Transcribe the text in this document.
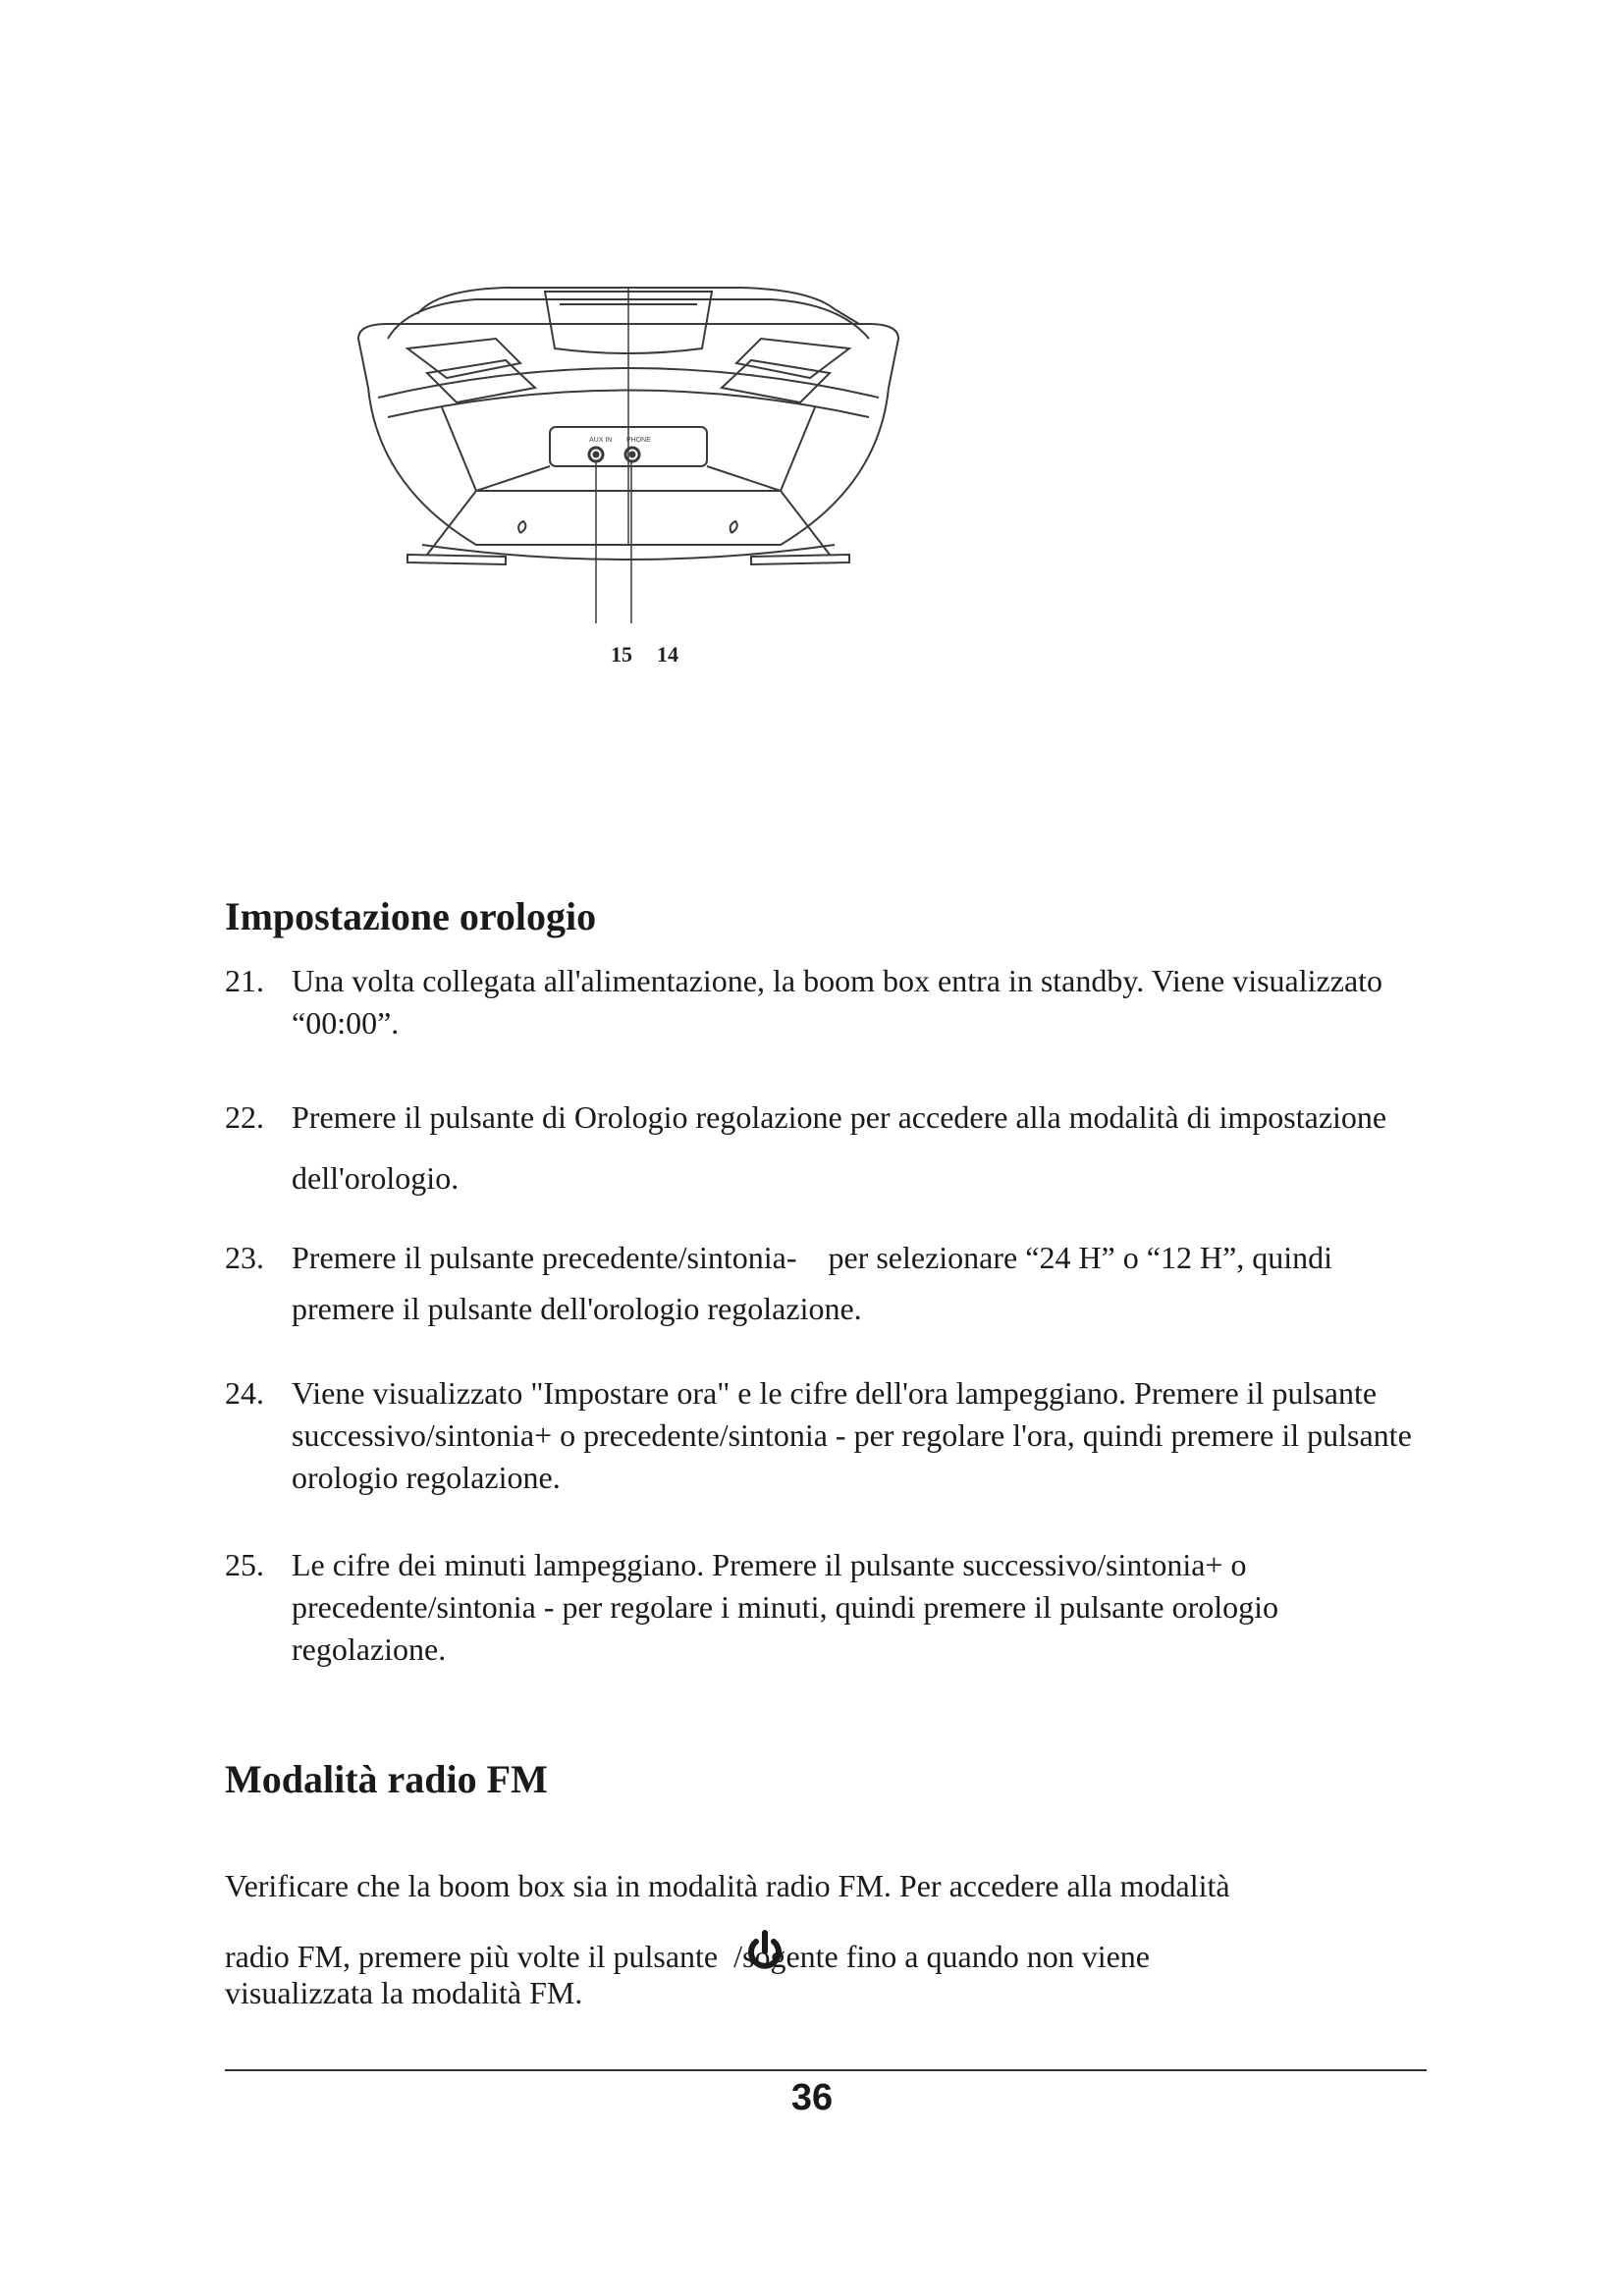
AUX IN PHONE
15 14
Impostazione orologio
21. Una volta collegata all'alimentazione, la boom box entra in standby. Viene visualizzato “00:00”.
22. Premere il pulsante di Orologio regolazione per accedere alla modalità di impostazione dell'orologio.
23. Premere il pulsante precedente/sintonia-    per selezionare “24 H” o “12 H”, quindi premere il pulsante dell'orologio regolazione.
24. Viene visualizzato "Impostare ora" e le cifre dell'ora lampeggiano. Premere il pulsante successivo/sintonia+ o precedente/sintonia - per regolare l'ora, quindi premere il pulsante orologio regolazione.
25. Le cifre dei minuti lampeggiano. Premere il pulsante successivo/sintonia+ o precedente/sintonia - per regolare i minuti, quindi premere il pulsante orologio regolazione.
Modalità radio FM

Verificare che la boom box sia in modalità radio FM. Per accedere alla modalità

radio FM, premere più volte il pulsante  /sogente fino a quando non viene

visualizzata la modalità FM.

36
